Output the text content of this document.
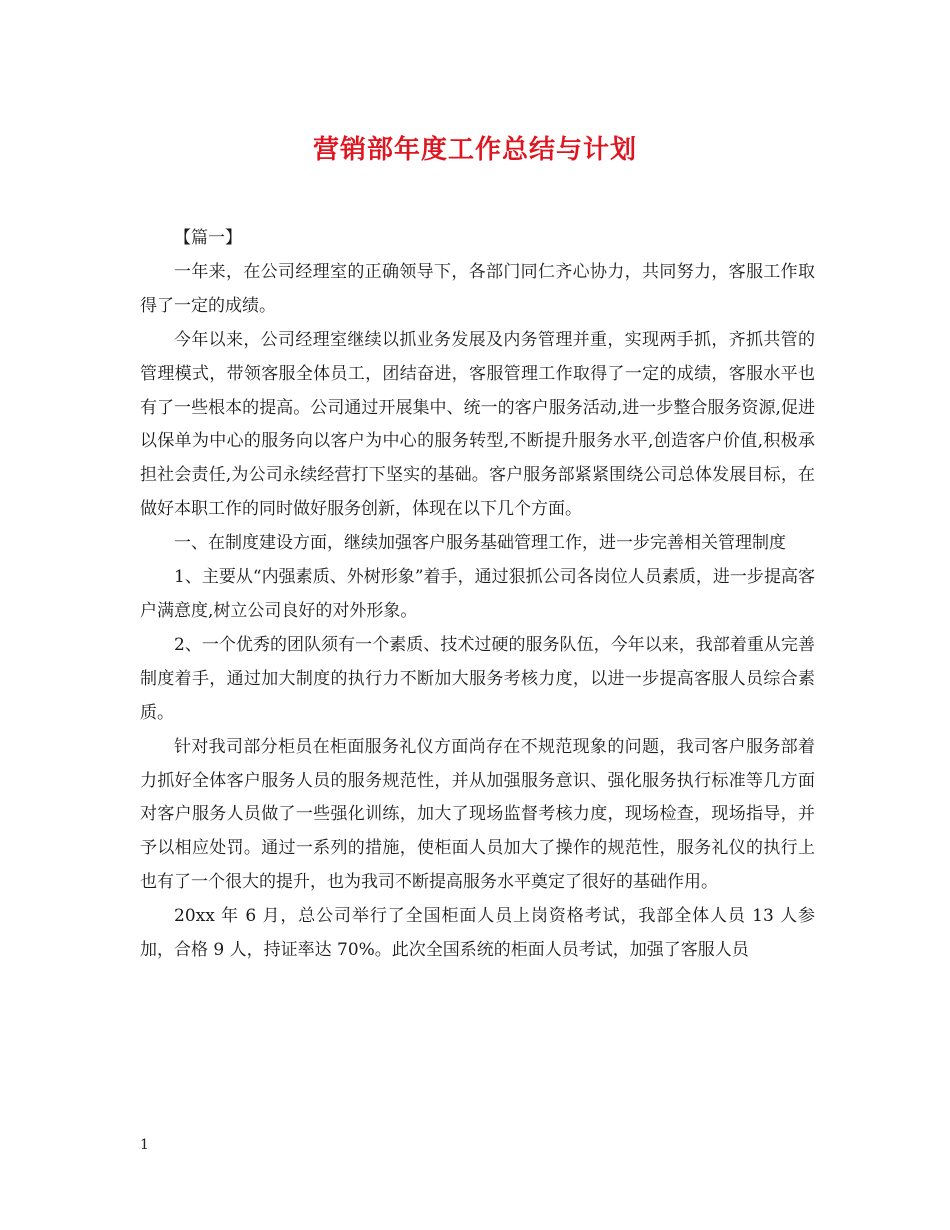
营销部年度工作总结与计划

【篇一】

一年来，在公司经理室的正确领导下，各部门同仁齐心协力，共同努力，客服工作取得了一定的成绩。

今年以来，公司经理室继续以抓业务发展及内务管理并重，实现两手抓，齐抓共管的管理模式，带领客服全体员工，团结奋进，客服管理工作取得了一定的成绩，客服水平也有了一些根本的提高。公司通过开展集中、统一的客户服务活动,进一步整合服务资源,促进以保单为中心的服务向以客户为中心的服务转型,不断提升服务水平,创造客户价值,积极承担社会责任,为公司永续经营打下坚实的基础。客户服务部紧紧围绕公司总体发展目标，在做好本职工作的同时做好服务创新，体现在以下几个方面。

一、在制度建设方面，继续加强客户服务基础管理工作，进一步完善相关管理制度

1、主要从“内强素质、外树形象”着手，通过狠抓公司各岗位人员素质，进一步提高客户满意度,树立公司良好的对外形象。

2、一个优秀的团队须有一个素质、技术过硬的服务队伍，今年以来，我部着重从完善制度着手，通过加大制度的执行力不断加大服务考核力度，以进一步提高客服人员综合素质。

针对我司部分柜员在柜面服务礼仪方面尚存在不规范现象的问题，我司客户服务部着力抓好全体客户服务人员的服务规范性，并从加强服务意识、强化服务执行标准等几方面对客户服务人员做了一些强化训练，加大了现场监督考核力度，现场检查，现场指导，并予以相应处罚。通过一系列的措施，使柜面人员加大了操作的规范性，服务礼仪的执行上也有了一个很大的提升，也为我司不断提高服务水平奠定了很好的基础作用。

20xx 年 6 月，总公司举行了全国柜面人员上岗资格考试，我部全体人员 13 人参加，合格 9 人，持证率达 70%。此次全国系统的柜面人员考试，加强了客服人员

1
